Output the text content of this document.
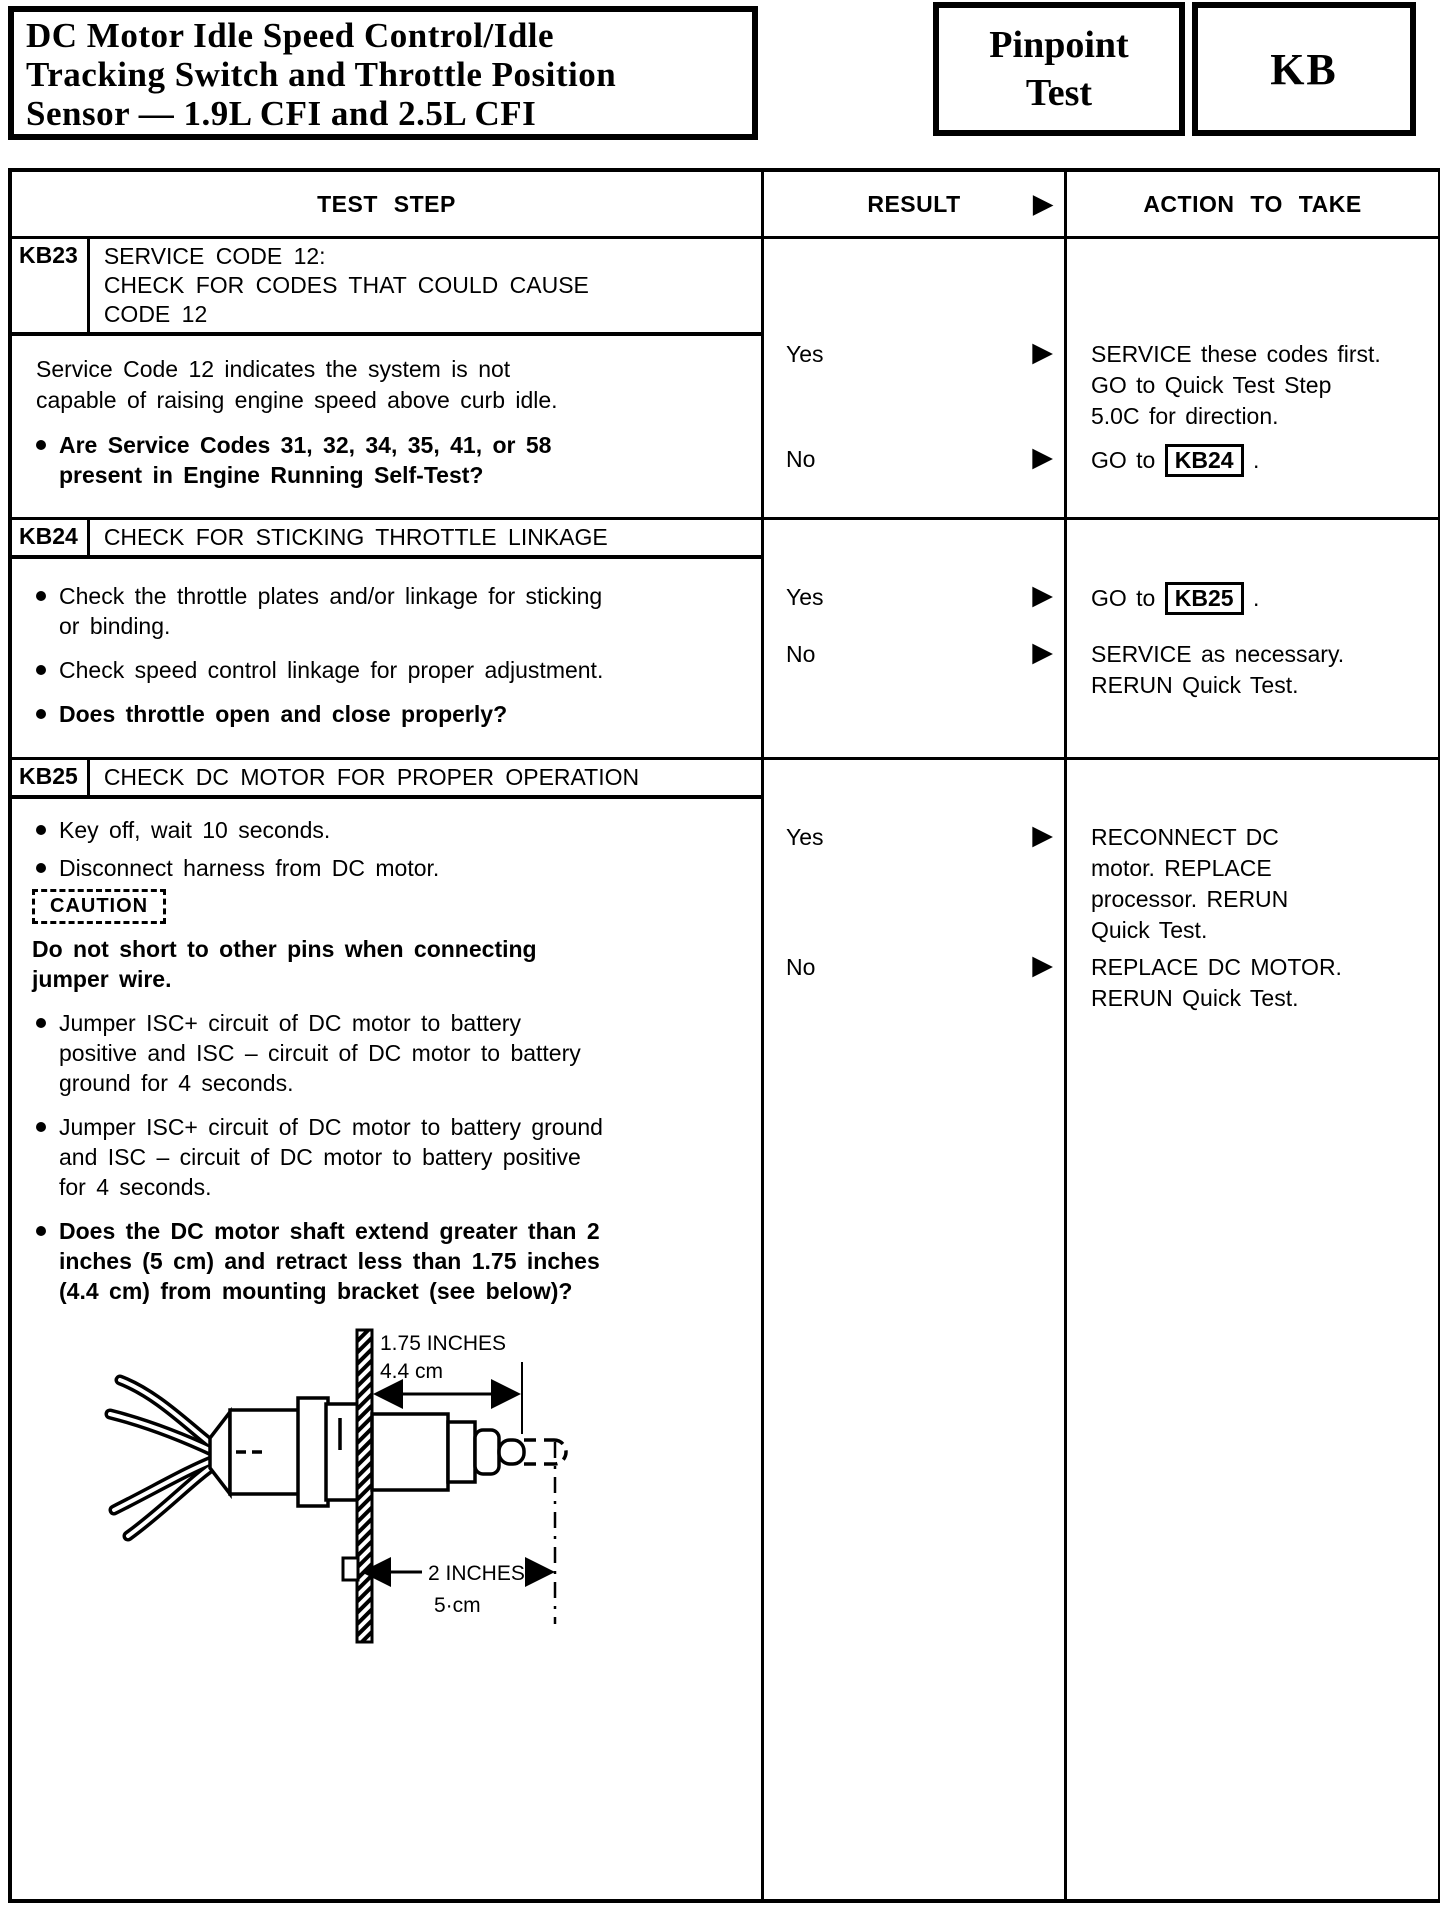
DC Motor Idle Speed Control/Idle
Tracking Switch and Throttle Position
Sensor — 1.9L CFI and 2.5L CFI
Pinpoint
Test	KB
TEST STEP	RESULT	▶	ACTION TO TAKE
KB23	SERVICE CODE 12:
CHECK FOR CODES THAT COULD CAUSE
CODE 12

Service Code 12 indicates the system is not capable of raising engine speed above curb idle.

Are Service Codes 31, 32, 34, 35, 41, or 58 present in Engine Running Self-Test?
Yes	▶	SERVICE these codes first. GO to Quick Test Step 5.0C for direction.
No	▶	GO to KB24 .
KB24	CHECK FOR STICKING THROTTLE LINKAGE
Check the throttle plates and/or linkage for sticking or binding.
Check speed control linkage for proper adjustment.
Does throttle open and close properly?
Yes	▶	GO to KB25 .
No	▶	SERVICE as necessary. RERUN Quick Test.
KB25	CHECK DC MOTOR FOR PROPER OPERATION
Key off, wait 10 seconds.
Disconnect harness from DC motor.
CAUTION

Do not short to other pins when connecting jumper wire.

Jumper ISC+ circuit of DC motor to battery positive and ISC – circuit of DC motor to battery ground for 4 seconds.
Jumper ISC+ circuit of DC motor to battery ground and ISC – circuit of DC motor to battery positive for 4 seconds.
Does the DC motor shaft extend greater than 2 inches (5 cm) and retract less than 1.75 inches (4.4 cm) from mounting bracket (see below)?
1.75 INCHES
4.4 cm
2 INCHES
5·cm
Yes	▶	RECONNECT DC motor. REPLACE processor. RERUN Quick Test.
No	▶	REPLACE DC MOTOR. RERUN Quick Test.
